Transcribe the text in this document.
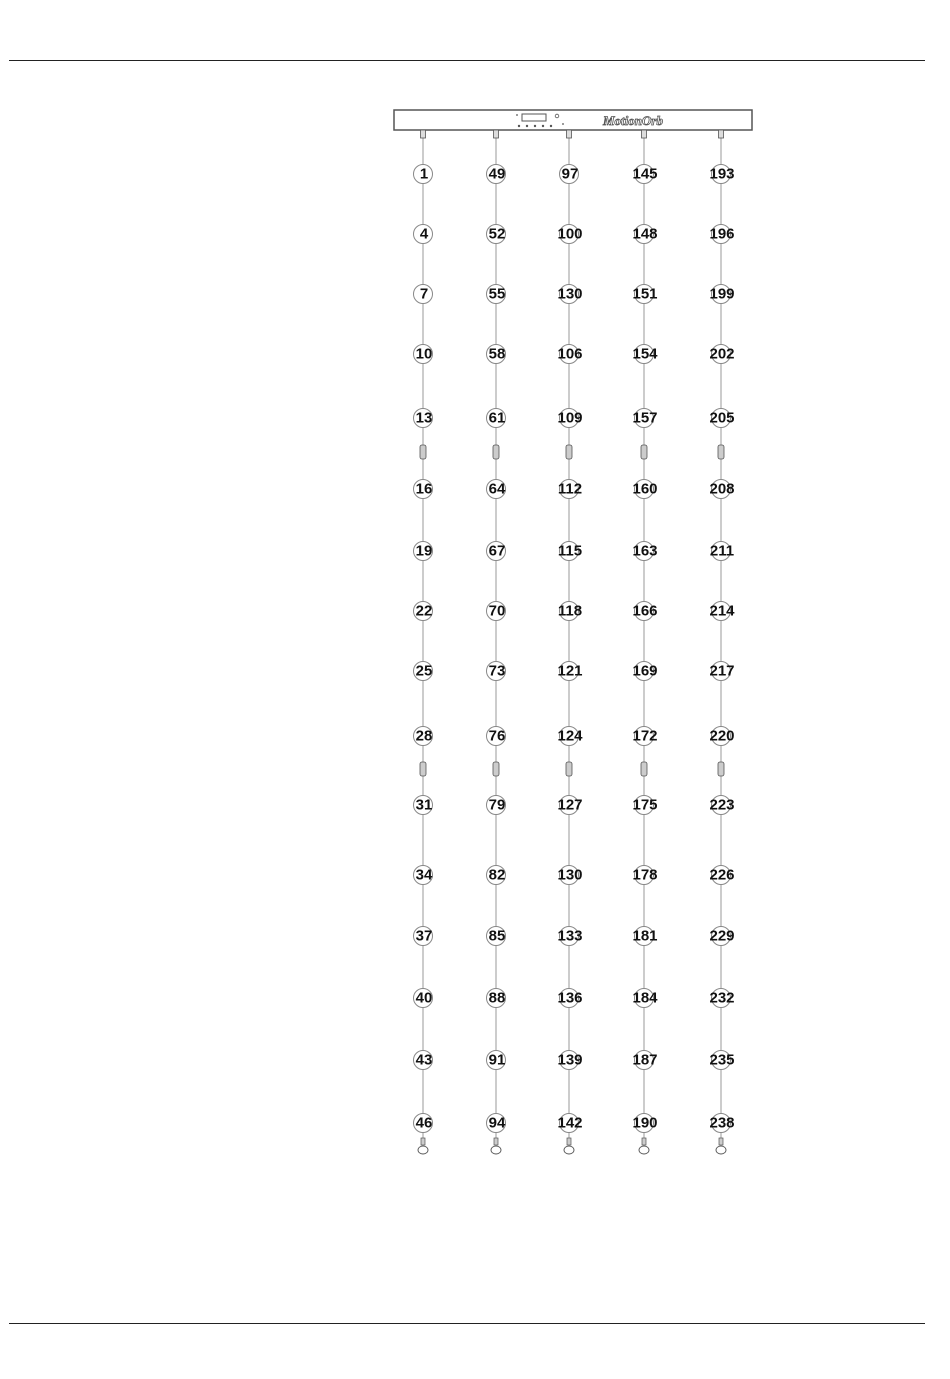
MotionOrb
1
4
7
10
13
16
19
22
25
28
31
34
37
40
43
46
49
52
55
58
61
64
67
70
73
76
79
82
85
88
91
94
97
100
130
106
109
112
115
118
121
124
127
130
133
136
139
142
145
148
151
154
157
160
163
166
169
172
175
178
181
184
187
190
193
196
199
202
205
208
211
214
217
220
223
226
229
232
235
238
